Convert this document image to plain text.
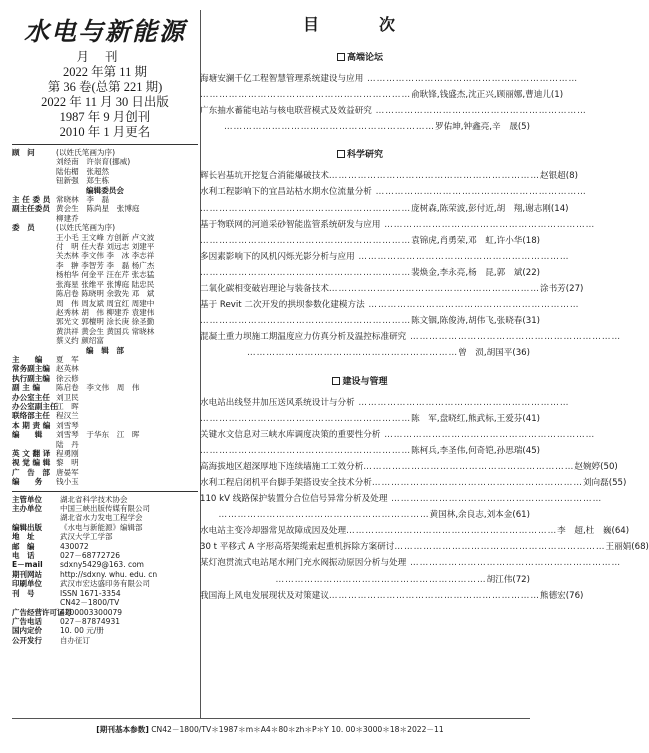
水电与新能源
月刊
2022 年第 11 期
第 36 卷(总第 221 期)
2022 年 11 月 30 日出版
1987 年 9 月创刊
2010 年 1 月更名
顾　问	(以姓氏笔画为序)
刘经南　许崇育(挪威)
陆佑楣　张超然
钮新强　郑生栋
编辑委员会
主 任 委 员 常晓林　李　磊
副主任委员 黄会生　陈尚星　张博庭
柳建乔
委　员	(以姓氏笔画为序)
王小毛 王文峰 方创新 卢文波
付　明 任大春 刘远志 刘建平
关杰林 李文伟 李　冰 李志祥
李　翀 李智芳 李　磊 杨广杰
杨柏华 何金平 汪在芹 张志猛
张海星 张维平 张博庭 陆忠民
陈启卷 陈晓明 余敦先 邓　斌
周　伟 周友斌 周宜红 周建中
赵秀林 胡　伟 柳建乔 袁建伟
郭光文 郭檀明 涂长庚 徐圣勤
黄洪祥 黄会生 黄国兵 常晓林
蔡义约 颜绍富
编　辑　部
主　　编	夏　军
常务副主编 赵英林
执行副主编 徐云修
副 主 编	陈启卷　李文伟　周　伟
办公室主任 刘卫民
办公室副主任
江　晖
联络部主任 程汉兰
本 期 责 编 刘雪琴
编　　辑	刘雪琴　于华东　江　晖
陆　丹
英 文 翻 译 程勇刚
视 觉 编 辑 黎　明
广　告　部 唐晏军
编　　务	钱小玉
主管单位	湖北省科学技术协会
主办单位	中国三峡出版传媒有限公司
湖北省水力发电工程学会
编辑出版	《水电与新能源》编辑部
地　址	武汉大学工学部
邮　编	430072
电　话	027－68772726
E－mail	sdxny5429@163. com
期刊网站	http://sdxny. whu. edu. cn
印刷单位	武汉市宏达盛印务有限公司
刊　号	ISSN 1671-3354
CN42－1800/TV
广告经营许可证号
4200003300079
广告电话	027－87874931
国内定价	10. 00 元/册
公开发行	自办征订
目　次
高端论坛
海塘安澜千亿工程智慧管理系统建设与应用 …………………………………………………………
………………………………………………………… 俞耿锋,钱盛杰,沈正兴,顾丽娜,曹迪儿(1)
广东抽水蓄能电站与核电联营模式及效益研究 …………………………………………………………
………………………………………………………… 罗佑坤,钟鑫亮,辛　晟(5)
科学研究
辉长岩基坑开挖复合消能爆破技术 ………………………………………………………… 赵银超(8)
水利工程影响下的宜昌站枯水期水位流量分析 …………………………………………………………
………………………………………………………… 庞树森,陈荣波,彭付近,胡　翔,谢志刚(14)
基于物联网的河道采砂智能监管系统研发与应用 …………………………………………………………
………………………………………………………… 袁锦虎,肖勇荣,邓　虹,许小华(18)
多因素影响下的风机闪烁光影分析与应用 …………………………………………………………
………………………………………………………… 裴焕金,李永亮,杨　昆,郭　斌(22)
二氧化碳相变破岩理论与装备技术 ………………………………………………………… 涂书芳(27)
基于 Revit 二次开发的拱坝参数化建模方法 …………………………………………………………
………………………………………………………… 陈文铟,陈俊涛,胡伟飞,张晓春(31)
混凝土重力坝施工期温度应力仿真分析及温控标准研究 …………………………………………………………
………………………………………………………… 曾　涢,胡国平(36)
建设与管理
水电站出线竖井加压送风系统设计与分析 …………………………………………………………
………………………………………………………… 陈　军,盘晓红,熊武标,王爱芬(41)
关键水文信息对三峡水库调度决策的重要性分析 …………………………………………………………
………………………………………………………… 陈柯兵,李圣伟,何奇铠,孙思瑞(45)
高海拔地区超深厚地下连续墙施工工效分析 ………………………………………………………… 赵婉婷(50)
水利工程启闭机平台脚手架搭设安全技术分析 ………………………………………………………… 刘向磊(55)
110 kV 线路保护装置分合位信号异常分析及处理 …………………………………………………………
………………………………………………………… 黄国林,余良志,刘本金(61)
水电站主变冷却器常见故障成因及处理 ………………………………………………………… 李　超,杜　巍(64)
30 t 平移式 A 字形高塔架缆索起重机拆除方案研讨 ………………………………………………………… 王丽娟(68)
某灯泡贯流式电站尾水闸门充水阀振动原因分析与处理 …………………………………………………………
………………………………………………………… 胡江伟(72)
我国海上风电发展现状及对策建议 ………………………………………………………… 熊德宏(76)
[期刊基本参数] CN42－1800/TV＊1987＊m＊A4＊80＊zh＊P＊Y 10. 00＊3000＊18＊2022－11
